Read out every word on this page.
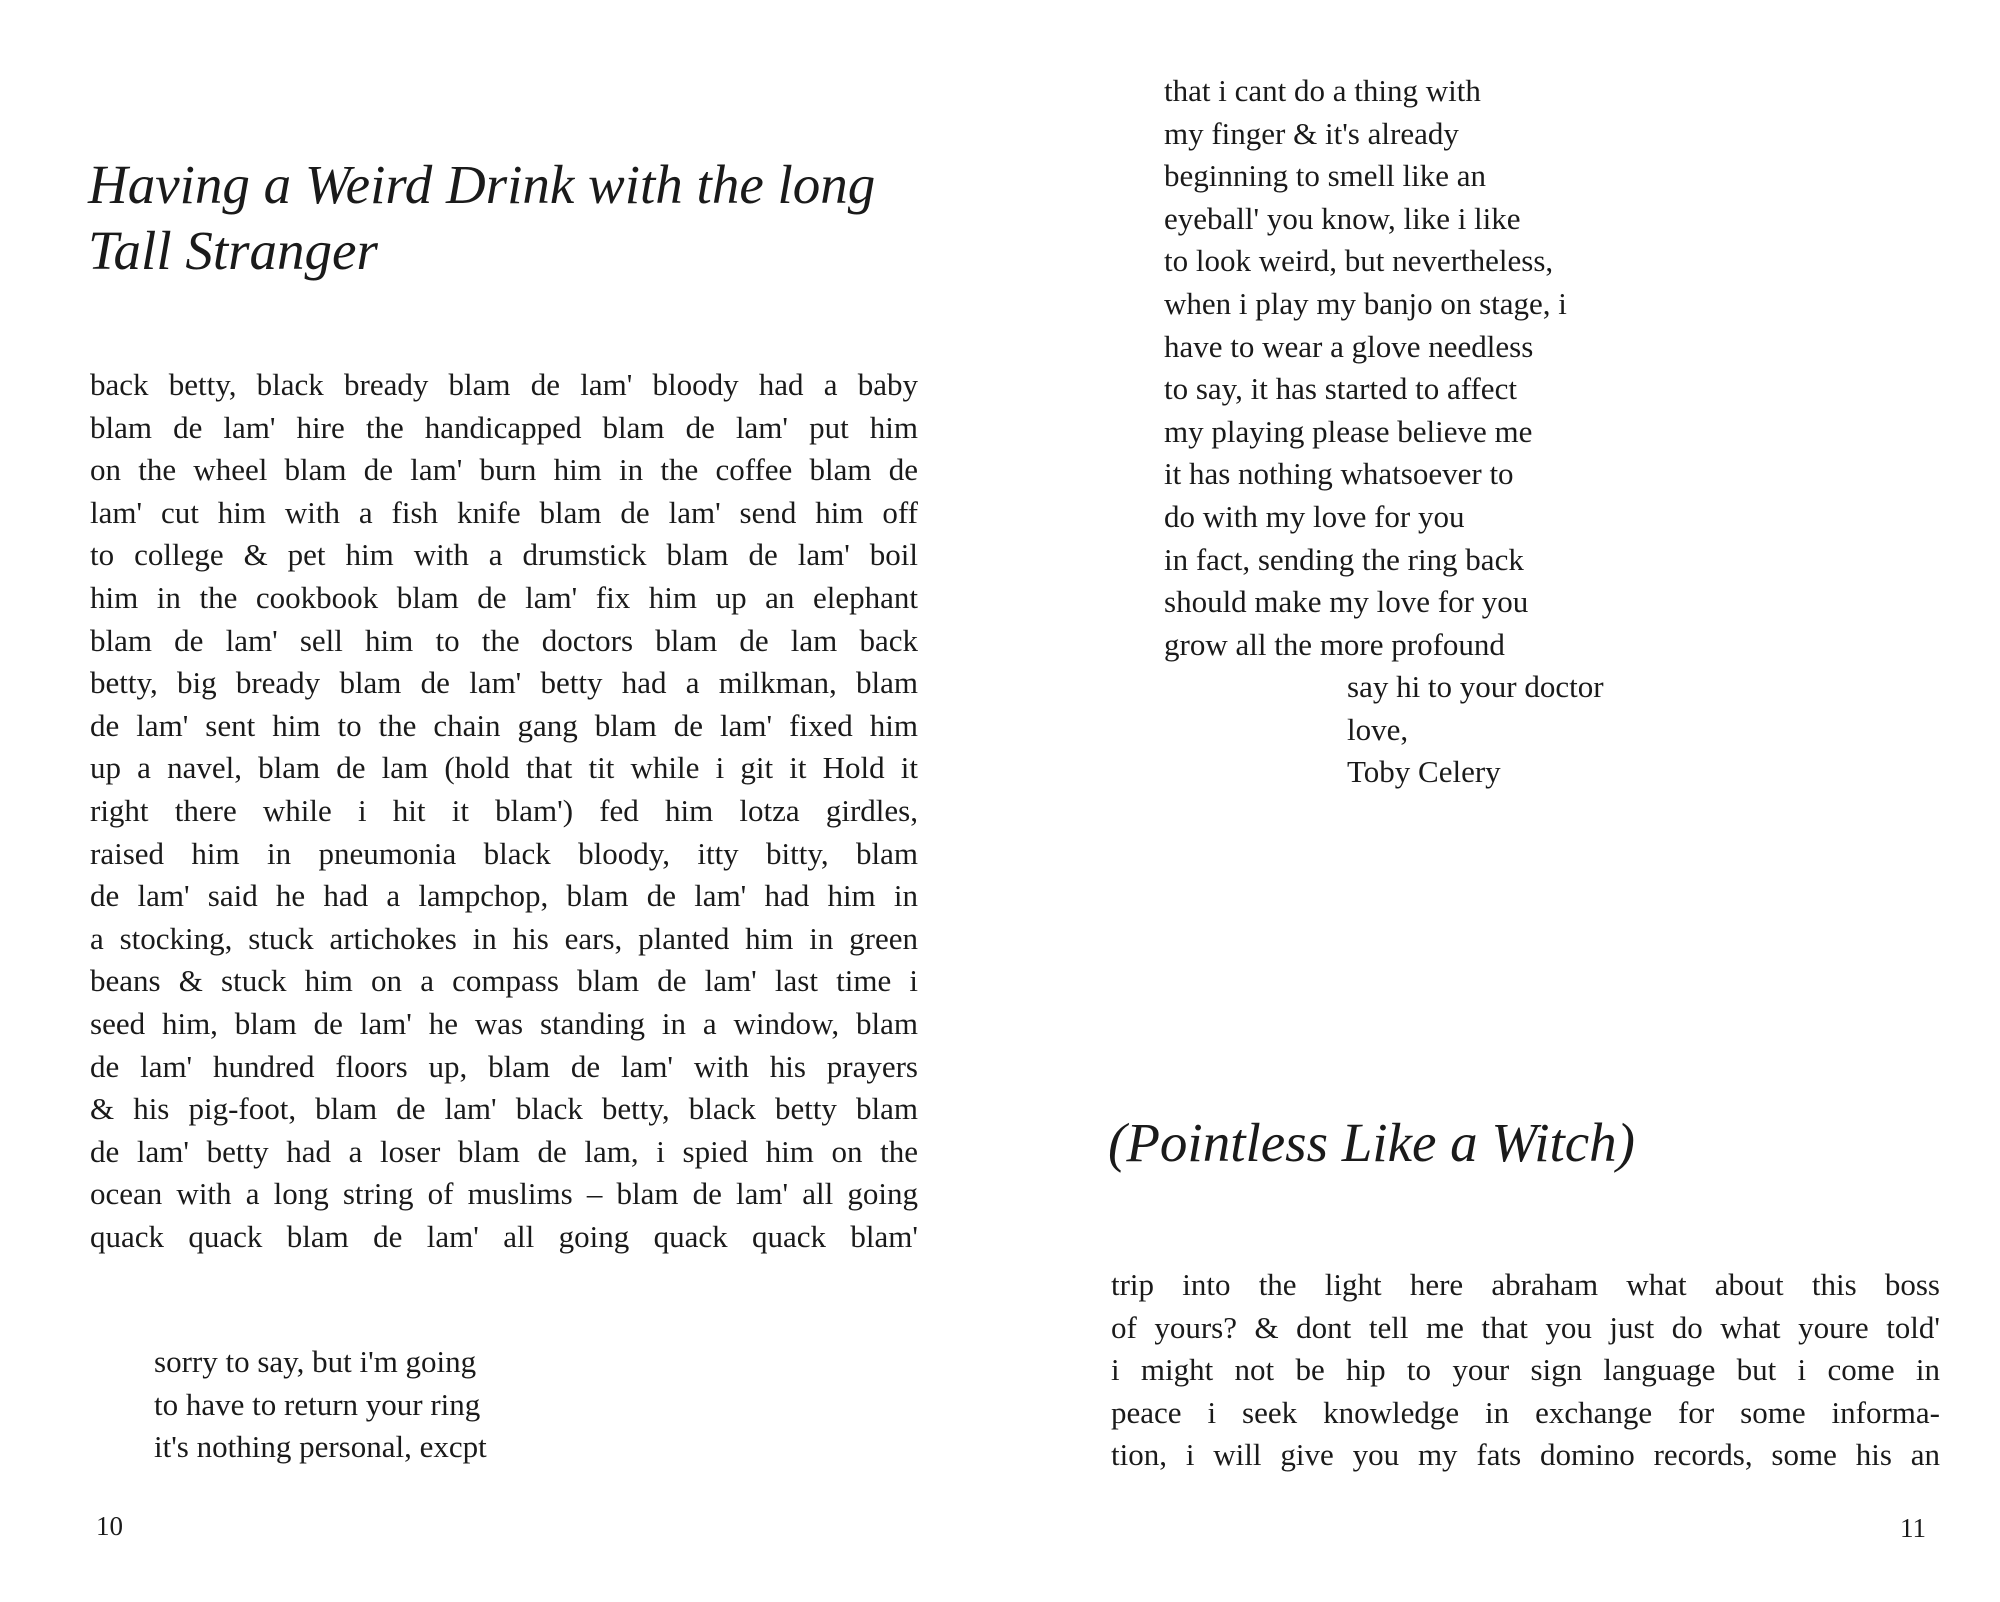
Having a Weird Drink with the long
Tall Stranger
back betty, black bready blam de lam' bloody had a baby
blam de lam' hire the handicapped blam de lam' put him
on the wheel blam de lam' burn him in the coffee blam de
lam' cut him with a fish knife blam de lam' send him off
to college & pet him with a drumstick blam de lam' boil
him in the cookbook blam de lam' fix him up an elephant
blam de lam' sell him to the doctors blam de lam back
betty, big bready blam de lam' betty had a milkman, blam
de lam' sent him to the chain gang blam de lam' fixed him
up a navel, blam de lam (hold that tit while i git it Hold it
right there while i hit it blam') fed him lotza girdles,
raised him in pneumonia black bloody, itty bitty, blam
de lam' said he had a lampchop, blam de lam' had him in
a stocking, stuck artichokes in his ears, planted him in green
beans & stuck him on a compass blam de lam' last time i
seed him, blam de lam' he was standing in a window, blam
de lam' hundred floors up, blam de lam' with his prayers
& his pig-foot, blam de lam' black betty, black betty blam
de lam' betty had a loser blam de lam, i spied him on the
ocean with a long string of muslims – blam de lam' all going
quack quack blam de lam' all going quack quack blam'
sorry to say, but i'm going
to have to return your ring
it's nothing personal, excpt
10
that i cant do a thing with
my finger & it's already
beginning to smell like an
eyeball' you know, like i like
to look weird, but nevertheless,
when i play my banjo on stage, i
have to wear a glove needless
to say, it has started to affect
my playing please believe me
it has nothing whatsoever to
do with my love for you
in fact, sending the ring back
should make my love for you
grow all the more profound
say hi to your doctor
love,
Toby Celery
(Pointless Like a Witch)
trip into the light here abraham what about this boss
of yours? & dont tell me that you just do what youre told'
i might not be hip to your sign language but i come in
peace i seek knowledge in exchange for some informa-
tion, i will give you my fats domino records, some his an
11
